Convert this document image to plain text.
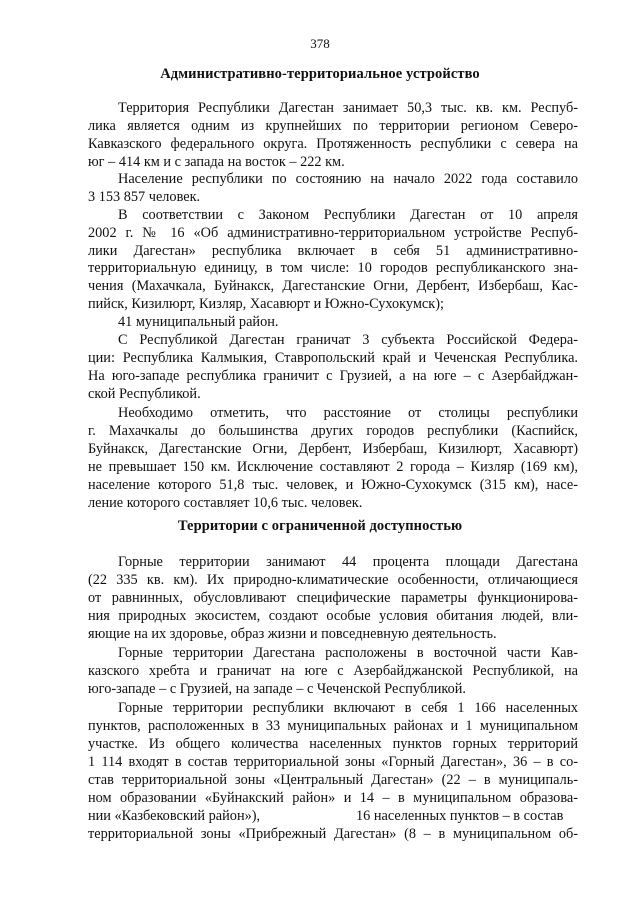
378
Административно-территориальное устройство
Территория Республики Дагестан занимает 50,3 тыс. кв. км. Респуб-
лика является одним из крупнейших по территории регионом Северо-
Кавказского федерального округа. Протяженность республики с севера на
юг – 414 км и с запада на восток – 222 км.
Население республики по состоянию на начало 2022 года составило
3 153 857 человек.
В соответствии с Законом Республики Дагестан от 10 апреля
2002 г. № 16 «Об административно-территориальном устройстве Респуб-
лики Дагестан» республика включает в себя 51 административно-
территориальную единицу, в том числе: 10 городов республиканского зна-
чения (Махачкала, Буйнакск, Дагестанские Огни, Дербент, Избербаш, Кас-
пийск, Кизилюрт, Кизляр, Хасавюрт и Южно-Сухокумск);
41 муниципальный район.
С Республикой Дагестан граничат 3 субъекта Российской Федера-
ции: Республика Калмыкия, Ставропольский край и Чеченская Республика.
На юго-западе республика граничит с Грузией, а на юге – с Азербайджан-
ской Республикой.
Необходимо отметить, что расстояние от столицы республики
г. Махачкалы до большинства других городов республики (Каспийск,
Буйнакск, Дагестанские Огни, Дербент, Избербаш, Кизилюрт, Хасавюрт)
не превышает 150 км. Исключение составляют 2 города – Кизляр (169 км),
население которого 51,8 тыс. человек, и Южно-Сухокумск (315 км), насе-
ление которого составляет 10,6 тыс. человек.
Территории с ограниченной доступностью
Горные территории занимают 44 процента площади Дагестана
(22 335 кв. км). Их природно-климатические особенности, отличающиеся
от равнинных, обусловливают специфические параметры функционирова-
ния природных экосистем, создают особые условия обитания людей, вли-
яющие на их здоровье, образ жизни и повседневную деятельность.
Горные территории Дагестана расположены в восточной части Кав-
казского хребта и граничат на юге с Азербайджанской Республикой, на
юго-западе – с Грузией, на западе – с Чеченской Республикой.
Горные территории республики включают в себя 1 166 населенных
пунктов, расположенных в 33 муниципальных районах и 1 муниципальном
участке. Из общего количества населенных пунктов горных территорий
1 114 входят в состав территориальной зоны «Горный Дагестан», 36 – в со-
став территориальной зоны «Центральный Дагестан» (22 – в муниципаль-
ном образовании «Буйнакский район» и 14 – в муниципальном образова-
нии «Казбековский район»),	16 населенных пунктов – в состав
территориальной зоны «Прибрежный Дагестан» (8 – в муниципальном об-
